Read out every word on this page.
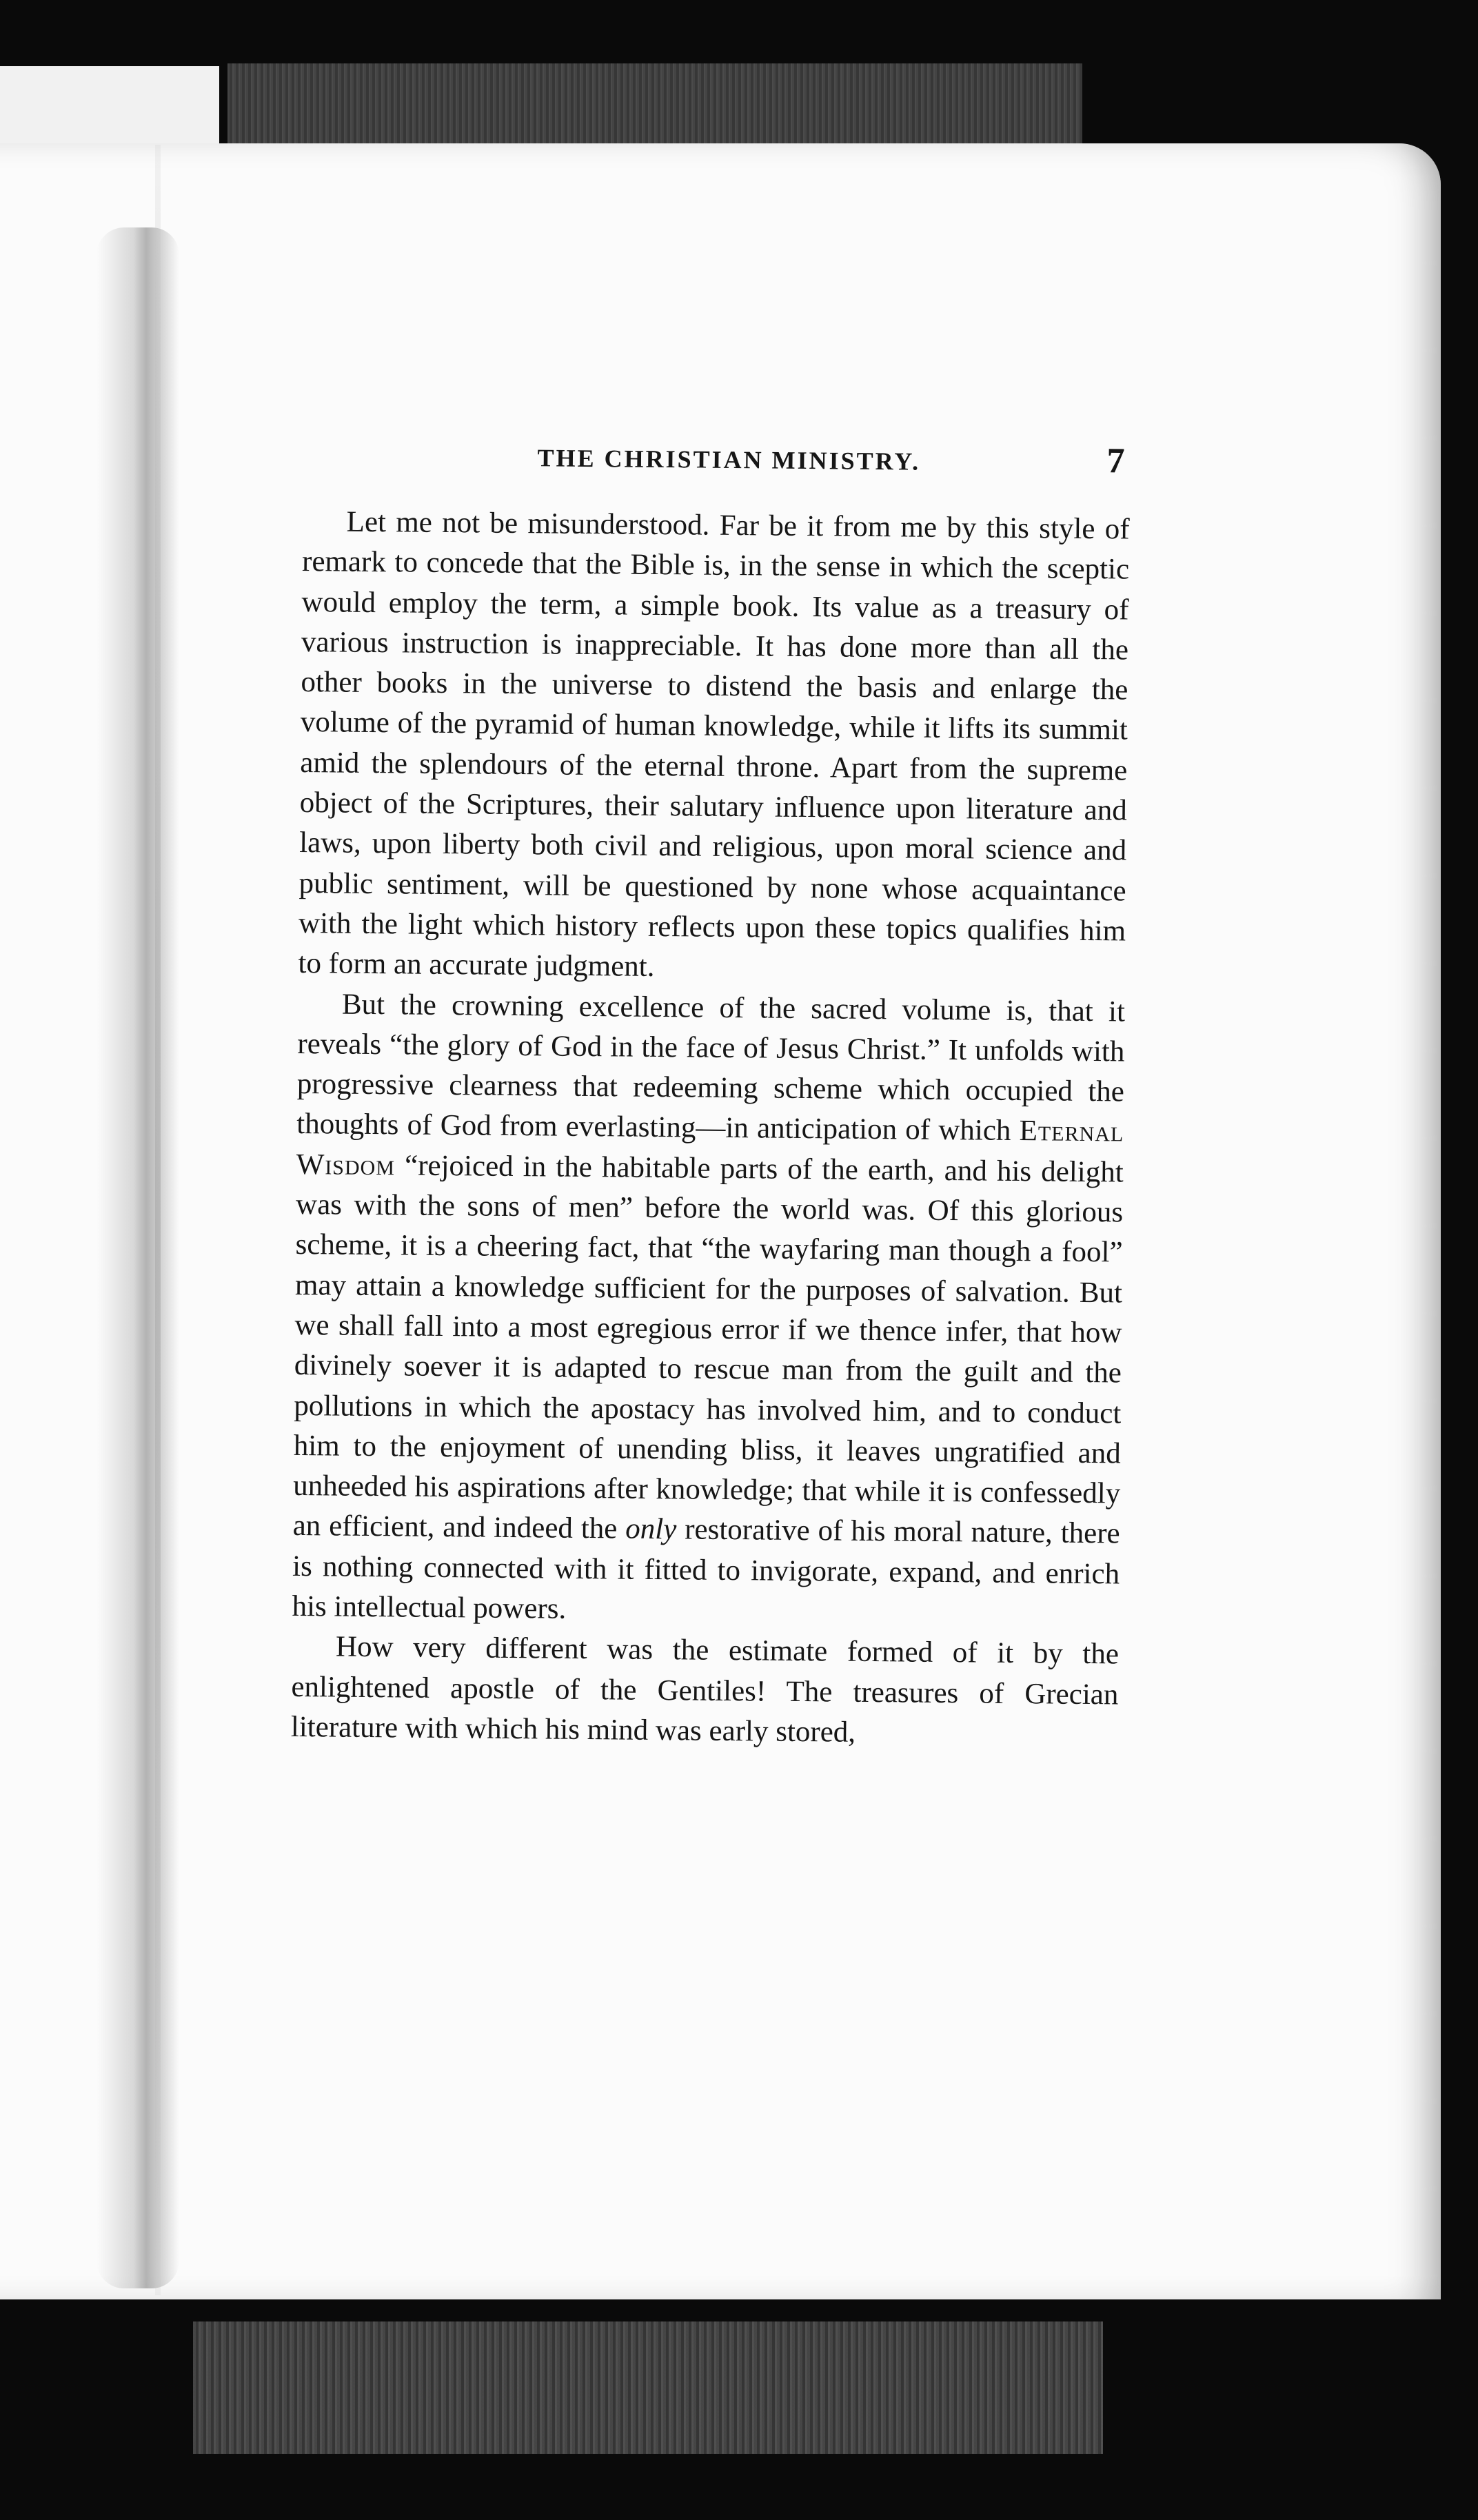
THE CHRISTIAN MINISTRY.	7

Let me not be misunderstood. Far be it from me by this style of remark to concede that the Bible is, in the sense in which the sceptic would employ the term, a simple book. Its value as a treasury of various instruction is inappreciable. It has done more than all the other books in the universe to distend the basis and enlarge the volume of the pyramid of human knowledge, while it lifts its summit amid the splendours of the eternal throne. Apart from the supreme object of the Scriptures, their salutary influence upon literature and laws, upon liberty both civil and religious, upon moral science and public sentiment, will be questioned by none whose acquaintance with the light which history reflects upon these topics qualifies him to form an accurate judgment.

But the crowning excellence of the sacred volume is, that it reveals “the glory of God in the face of Jesus Christ.” It unfolds with progressive clearness that redeeming scheme which occupied the thoughts of God from everlasting—in anticipation of which Eternal Wisdom “rejoiced in the habitable parts of the earth, and his delight was with the sons of men” before the world was. Of this glorious scheme, it is a cheering fact, that “the wayfaring man though a fool” may attain a knowledge sufficient for the purposes of salvation. But we shall fall into a most egregious error if we thence infer, that how divinely soever it is adapted to rescue man from the guilt and the pollutions in which the apostacy has involved him, and to conduct him to the enjoyment of unending bliss, it leaves ungratified and unheeded his aspirations after knowledge; that while it is confessedly an efficient, and indeed the only restorative of his moral nature, there is nothing connected with it fitted to invigorate, expand, and enrich his intellectual powers.

How very different was the estimate formed of it by the enlightened apostle of the Gentiles! The treasures of Grecian literature with which his mind was early stored,
